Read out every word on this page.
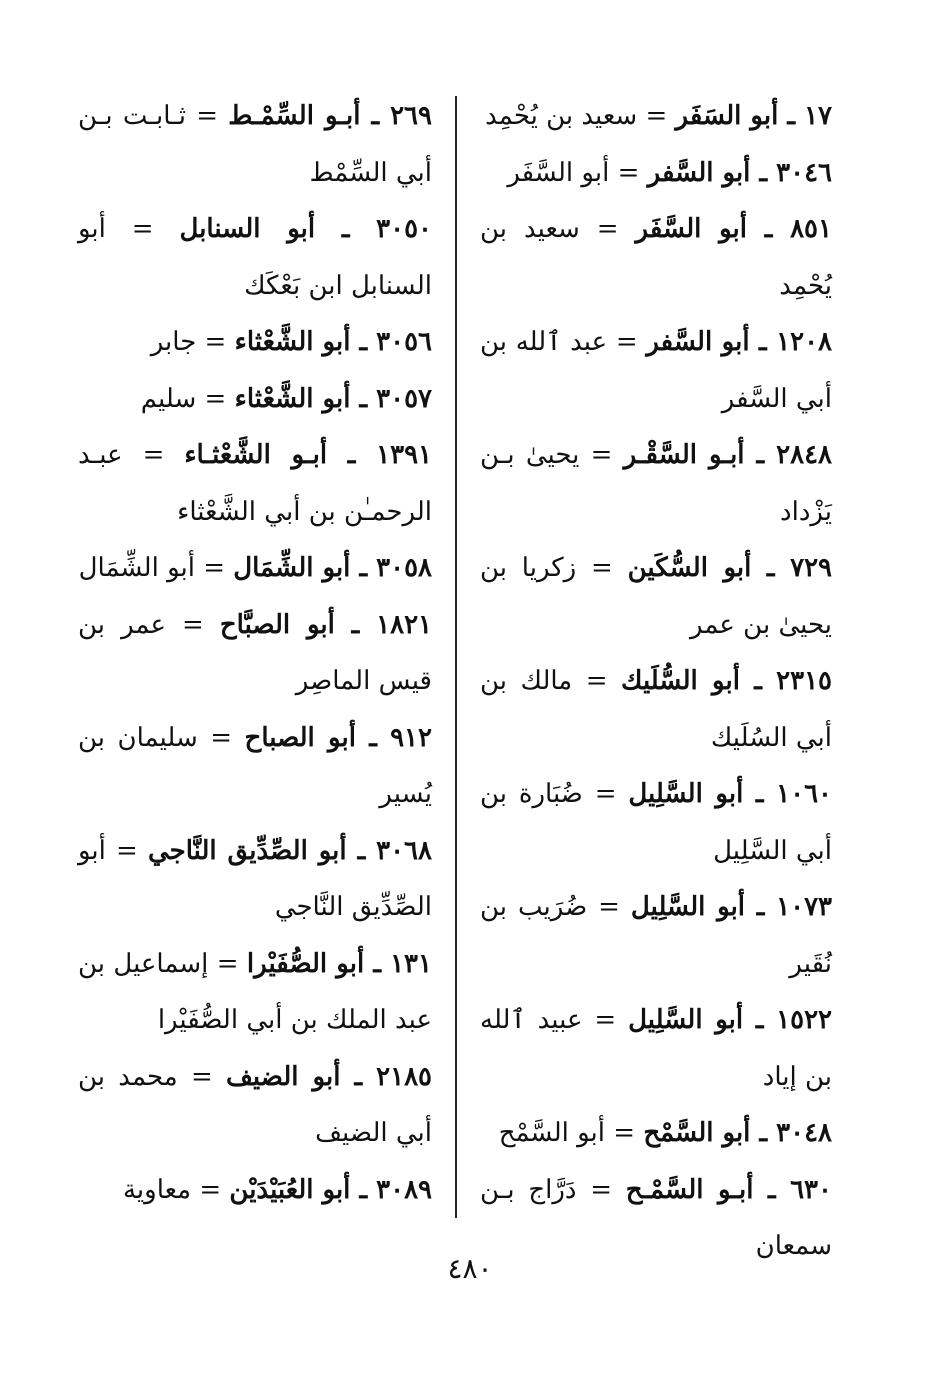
١٧ ـ أبو السَفَر = سعيد بن يُحْمِد

٣٠٤٦ ـ أبو السَّفر = أبو السَّفَر

٨٥١ ـ أبو السَّفَر = سعيد بن يُحْمِد

١٢٠٨ ـ أبو السَّفر = عبد ٱلله بن أبي السَّفر

٢٨٤٨ ـ أبـو السَّقْـر = يحيىٰ بـن يَزْداد

٧٢٩ ـ أبو السُّكَين = زكريا بن يحيىٰ بن عمر

٢٣١٥ ـ أبو السُّلَيك = مالك بن أبي السُلَيك

١٠٦٠ ـ أبو السَّلِيل = ضُبَارة بن أبي السَّلِيل

١٠٧٣ ـ أبو السَّلِيل = ضُرَيب بن نُقَير

١٥٢٢ ـ أبو السَّلِيل = عبيد ٱلله بن إياد

٣٠٤٨ ـ أبو السَّمْح = أبو السَّمْح

٦٣٠ ـ أبـو السَّمْـح = دَرَّاج بـن سمعان

٢٦٩ ـ أبـو السِّمْـط = ثـابـت بـن أبي السِّمْط

٣٠٥٠ ـ أبو السنابل = أبو السنابل ابن بَعْكَك

٣٠٥٦ ـ أبو الشَّعْثاء = جابر

٣٠٥٧ ـ أبو الشَّعْثاء = سليم

١٣٩١ ـ أبـو الشَّعْثـاء = عبـد الرحمـٰن بن أبي الشَّعْثاء

٣٠٥٨ ـ أبو الشِّمَال = أبو الشِّمَال

١٨٢١ ـ أبو الصبَّاح = عمر بن قيس الماصِر

٩١٢ ـ أبو الصباح = سليمان بن يُسير

٣٠٦٨ ـ أبو الصِّدِّيق النَّاجي = أبو الصِّدِّيق النَّاجي

١٣١ ـ أبو الصُّفَيْرا = إسماعيل بن عبد الملك بن أبي الصُّفَيْرا

٢١٨٥ ـ أبو الضيف = محمد بن أبي الضيف

٣٠٨٩ ـ أبو العُبَيْدَيْن = معاوية

٤٨٠
